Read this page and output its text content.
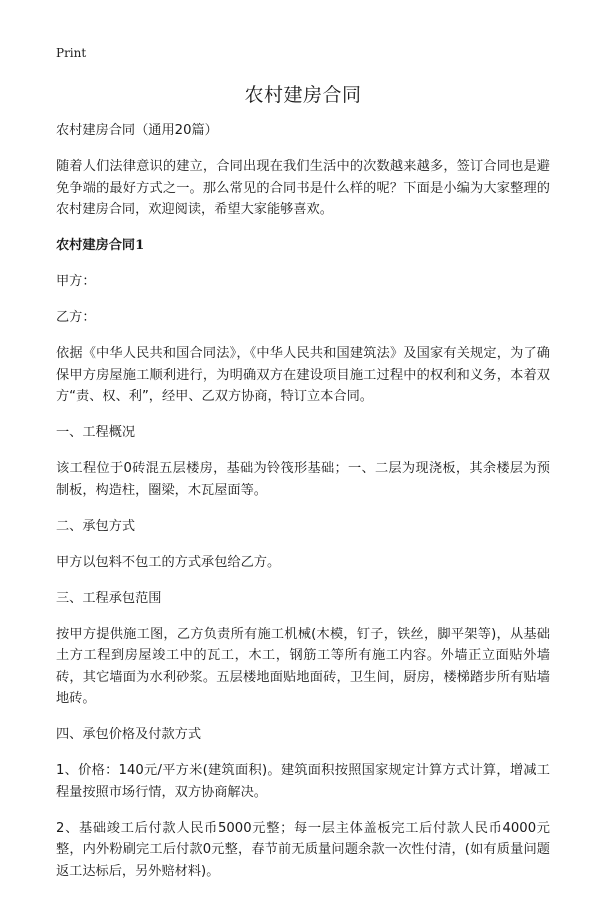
Print
农村建房合同

农村建房合同（通用20篇）

随着人们法律意识的建立，合同出现在我们生活中的次数越来越多，签订合同也是避免争端的最好方式之一。那么常见的合同书是什么样的呢？下面是小编为大家整理的农村建房合同，欢迎阅读，希望大家能够喜欢。

农村建房合同1

甲方：

乙方：

依据《中华人民共和国合同法》，《中华人民共和国建筑法》及国家有关规定，为了确保甲方房屋施工顺利进行，为明确双方在建设项目施工过程中的权利和义务，本着双方“责、权、利”，经甲、乙双方协商，特订立本合同。

一、工程概况

该工程位于0砖混五层楼房，基础为铃筏形基础；一、二层为现浇板，其余楼层为预制板，构造柱，圈梁，木瓦屋面等。

二、承包方式

甲方以包料不包工的方式承包给乙方。

三、工程承包范围

按甲方提供施工图，乙方负责所有施工机械(木模，钉子，铁丝，脚平架等)，从基础土方工程到房屋竣工中的瓦工，木工，钢筋工等所有施工内容。外墙正立面贴外墙砖，其它墙面为水利砂浆。五层楼地面贴地面砖，卫生间，厨房，楼梯踏步所有贴墙地砖。

四、承包价格及付款方式

1、价格：140元/平方米(建筑面积)。建筑面积按照国家规定计算方式计算，增减工程量按照市场行情，双方协商解决。

2、基础竣工后付款人民币5000元整；每一层主体盖板完工后付款人民币4000元整，内外粉刷完工后付款0元整，春节前无质量问题余款一次性付清，(如有质量问题返工达标后，另外赔材料)。
